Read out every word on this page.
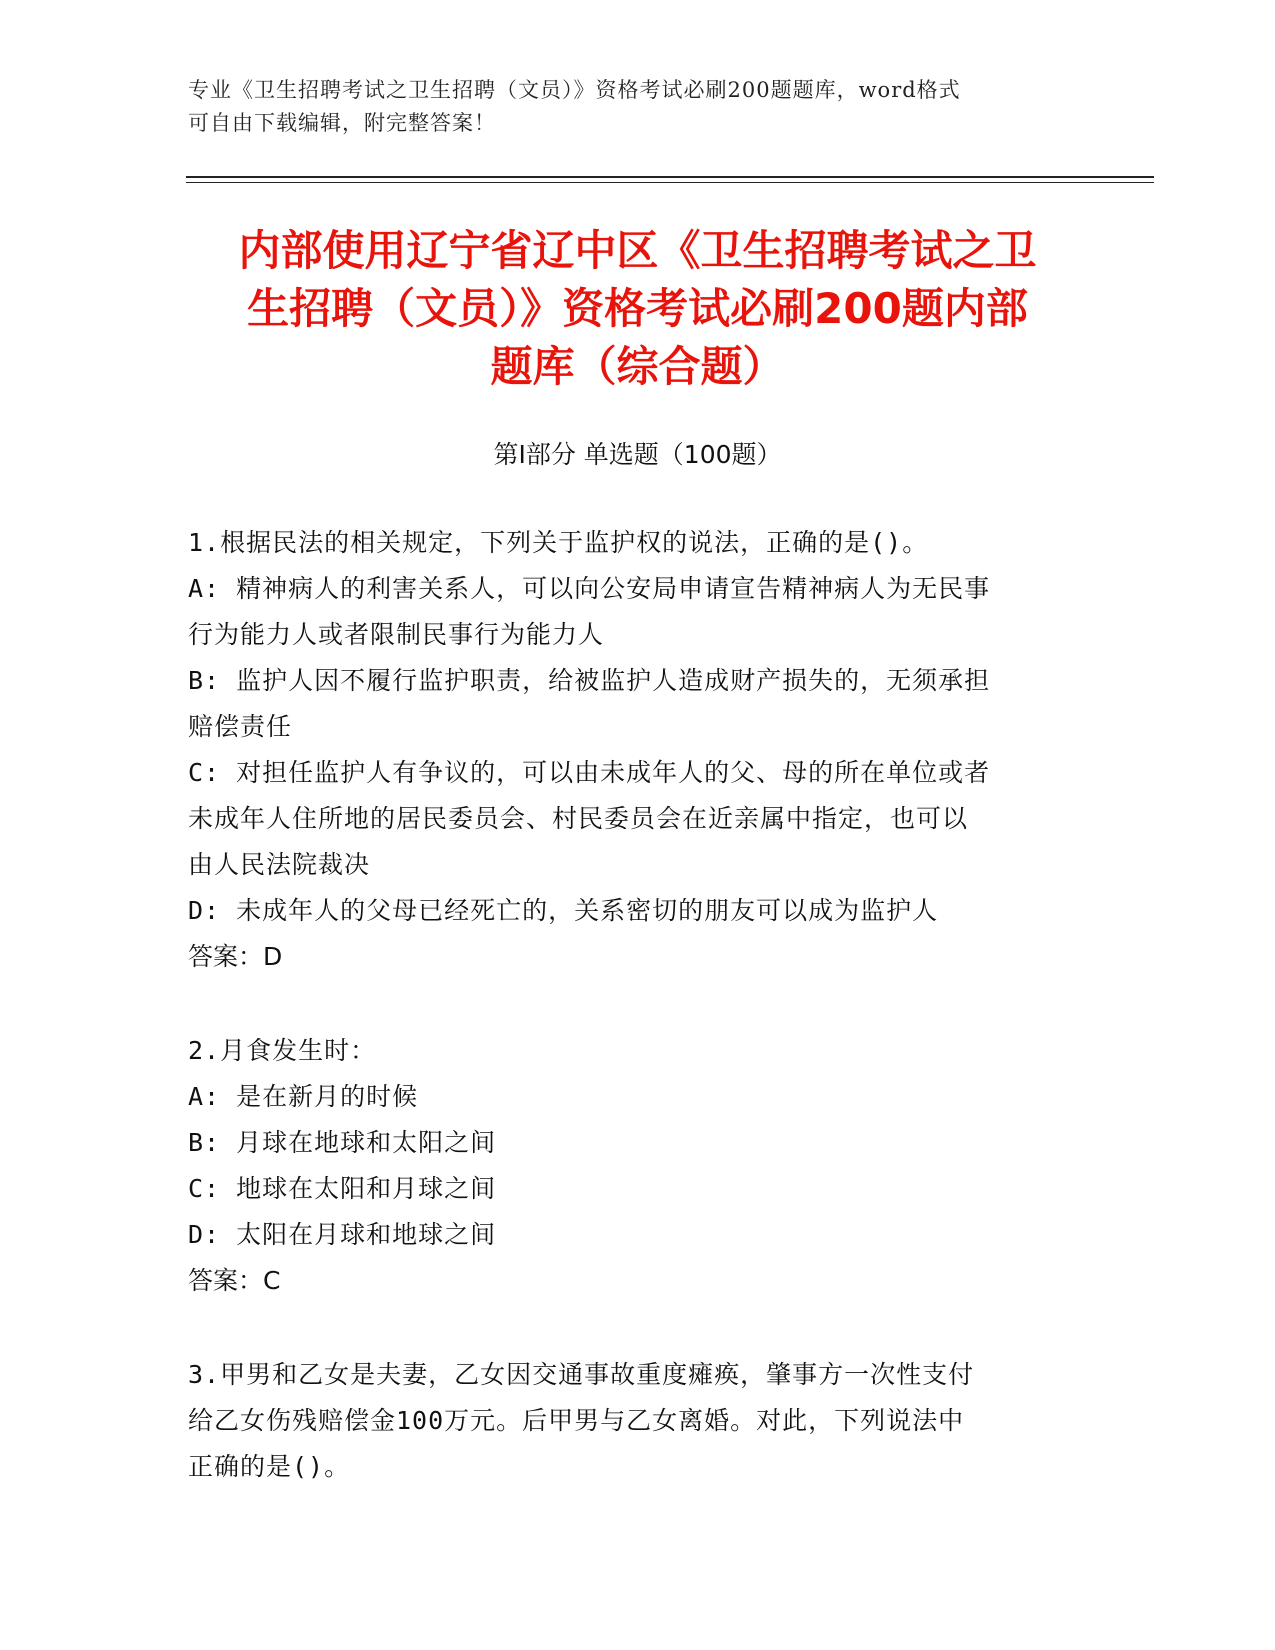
专业《卫生招聘考试之卫生招聘（文员）》资格考试必刷200题题库，word格式
可自由下载编辑，附完整答案！
内部使用辽宁省辽中区《卫生招聘考试之卫
生招聘（文员）》资格考试必刷200题内部
题库（综合题）
第Ⅰ部分 单选题（100题）

1.根据民法的相关规定，下列关于监护权的说法，正确的是()。

A: 精神病人的利害关系人，可以向公安局申请宣告精神病人为无民事

行为能力人或者限制民事行为能力人

B: 监护人因不履行监护职责，给被监护人造成财产损失的，无须承担

赔偿责任

C: 对担任监护人有争议的，可以由未成年人的父、母的所在单位或者

未成年人住所地的居民委员会、村民委员会在近亲属中指定，也可以

由人民法院裁决

D: 未成年人的父母已经死亡的，关系密切的朋友可以成为监护人

答案：D

2.月食发生时：

A: 是在新月的时候

B: 月球在地球和太阳之间

C: 地球在太阳和月球之间

D: 太阳在月球和地球之间

答案：C

3.甲男和乙女是夫妻，乙女因交通事故重度瘫痪，肇事方一次性支付

给乙女伤残赔偿金100万元。后甲男与乙女离婚。对此，下列说法中

正确的是()。
